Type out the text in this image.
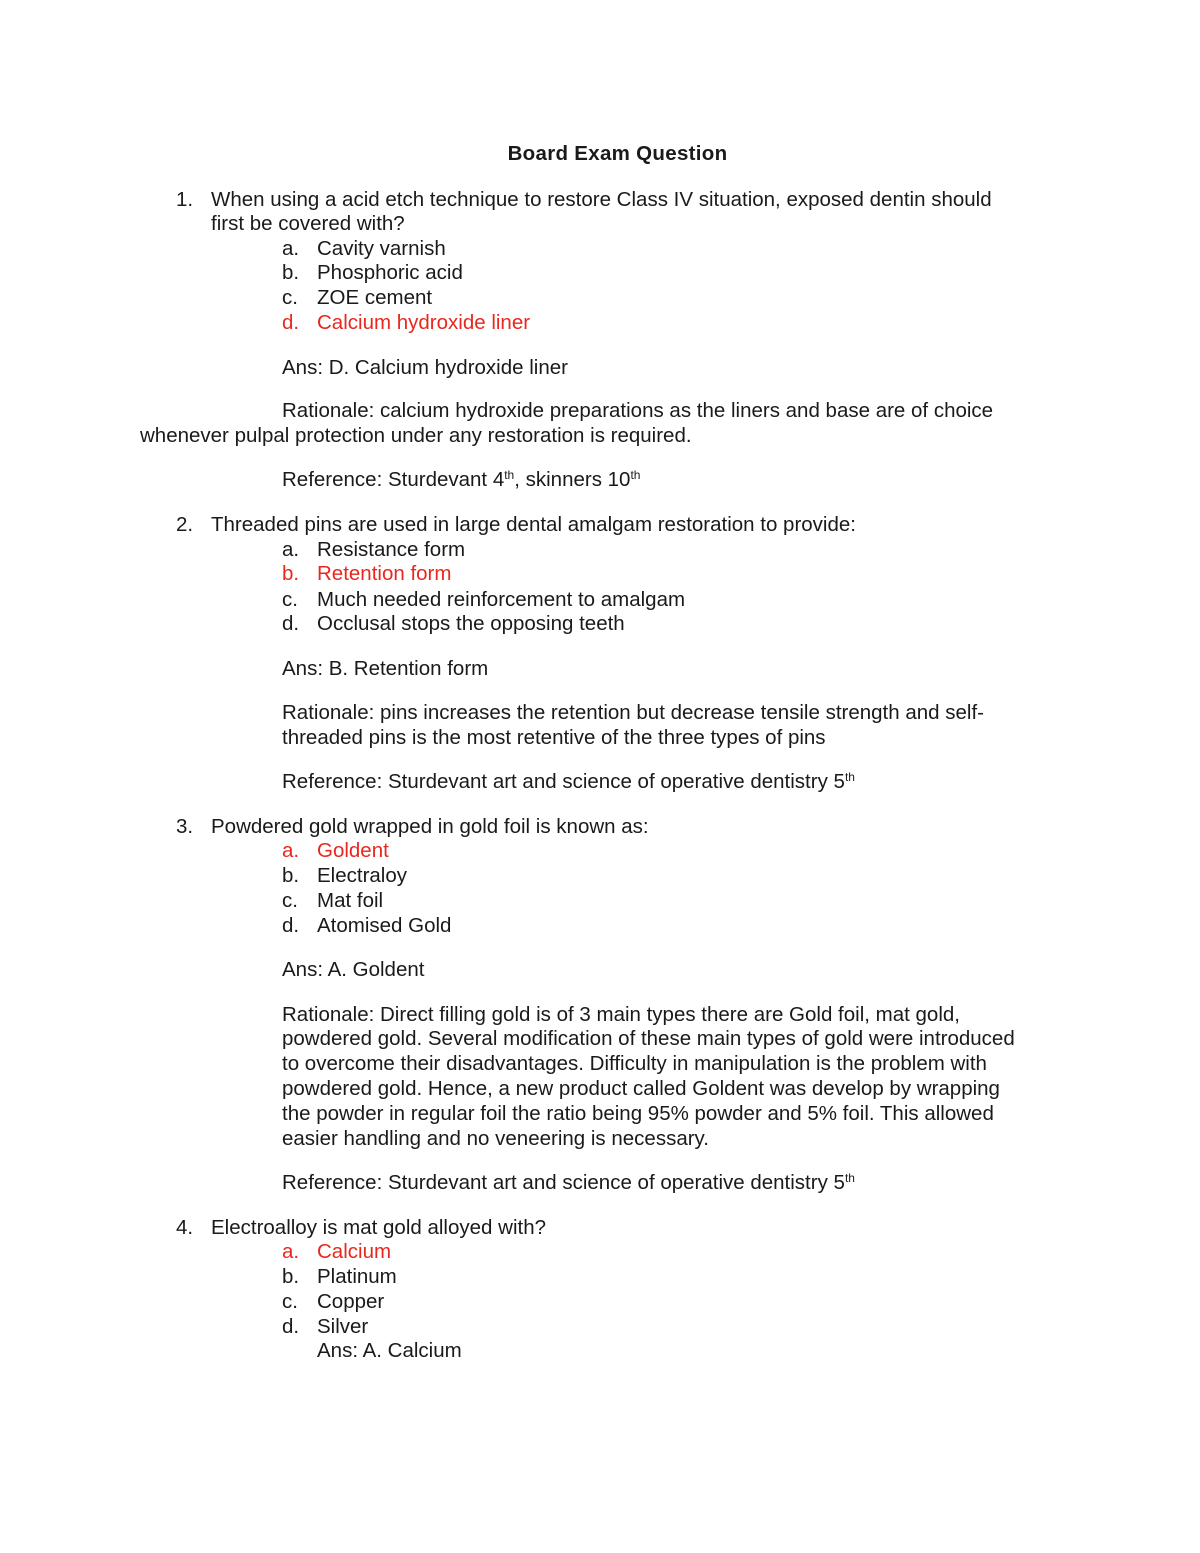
Board Exam Question
1. When using a acid etch technique to restore Class IV situation, exposed dentin should
first be covered with?
a. Cavity varnish
b. Phosphoric acid
c. ZOE cement
d. Calcium hydroxide liner
Ans: D. Calcium hydroxide liner
Rationale: calcium hydroxide preparations as the liners and base are of choice
whenever pulpal protection under any restoration is required.
Reference: Sturdevant 4th, skinners 10th
2. Threaded pins are used in large dental amalgam restoration to provide:
a. Resistance form
b. Retention form
c. Much needed reinforcement to amalgam
d. Occlusal stops the opposing teeth
Ans: B. Retention form
Rationale: pins increases the retention but decrease tensile strength and self-
threaded pins is the most retentive of the three types of pins
Reference: Sturdevant art and science of operative dentistry 5th
3. Powdered gold wrapped in gold foil is known as:
a. Goldent
b. Electraloy
c. Mat foil
d. Atomised Gold
Ans: A. Goldent
Rationale: Direct filling gold is of 3 main types there are Gold foil, mat gold,
powdered gold. Several modification of these main types of gold were introduced
to overcome their disadvantages. Difficulty in manipulation is the problem with
powdered gold. Hence, a new product called Goldent was develop by wrapping
the powder in regular foil the ratio being 95% powder and 5% foil. This allowed
easier handling and no veneering is necessary.
Reference: Sturdevant art and science of operative dentistry 5th
4. Electroalloy is mat gold alloyed with?
a. Calcium
b. Platinum
c. Copper
d. Silver
Ans: A. Calcium
